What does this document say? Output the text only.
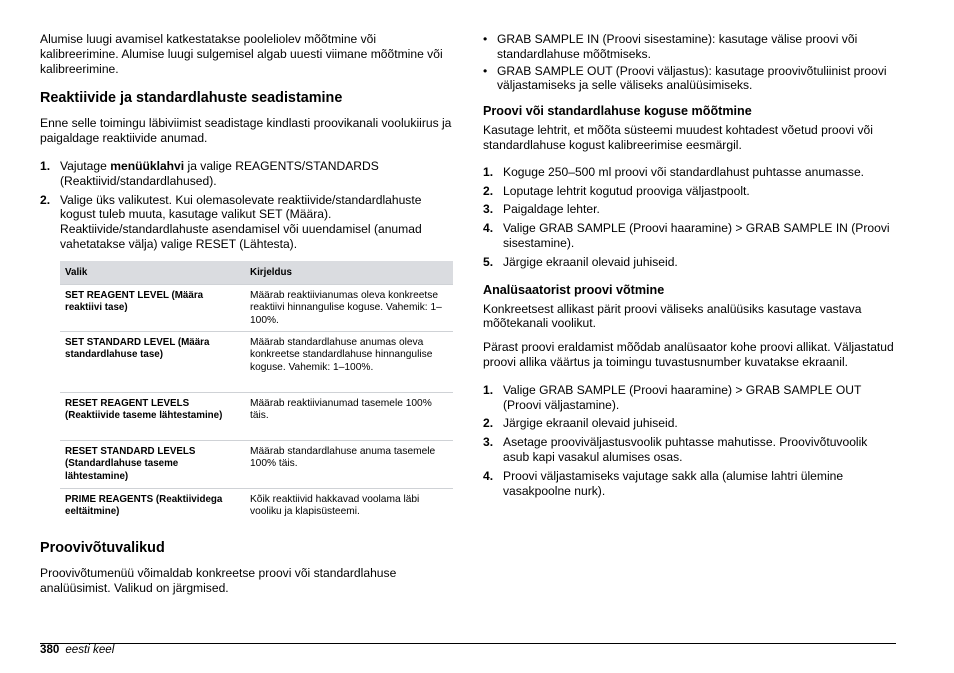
Alumise luugi avamisel katkestatakse pooleliolev mõõtmine või kalibreerimine. Alumise luugi sulgemisel algab uuesti viimane mõõtmine või kalibreerimine.

Reaktiivide ja standardlahuste seadistamine

Enne selle toimingu läbiviimist seadistage kindlasti proovikanali voolukiirus ja paigaldage reaktiivide anumad.

1. Vajutage menüüklahvi ja valige REAGENTS/STANDARDS (Reaktiivid/standardlahused).
2. Valige üks valikutest. Kui olemasolevate reaktiivide/standardlahuste kogust tuleb muuta, kasutage valikut SET (Määra). Reaktiivide/standardlahuste asendamisel või uuendamisel (anumad vahetatakse välja) valige RESET (Lähtesta).
Valik	Kirjeldus
SET REAGENT LEVEL (Määra reaktiivi tase)	Määrab reaktiivianumas oleva konkreetse reaktiivi hinnangulise koguse. Vahemik: 1–100%.
SET STANDARD LEVEL (Määra standardlahuse tase)	Määrab standardlahuse anumas oleva konkreetse standardlahuse hinnangulise koguse. Vahemik: 1–100%.
RESET REAGENT LEVELS (Reaktiivide taseme lähtestamine)	Määrab reaktiivianumad tasemele 100% täis.
RESET STANDARD LEVELS (Standardlahuse taseme lähtestamine)	Määrab standardlahuse anuma tasemele 100% täis.
PRIME REAGENTS (Reaktiividega eeltäitmine)	Kõik reaktiivid hakkavad voolama läbi vooliku ja klapisüsteemi.
Proovivõtuvalikud

Proovivõtumenüü võimaldab konkreetse proovi või standardlahuse analüüsimist. Valikud on järgmised.

• GRAB SAMPLE IN (Proovi sisestamine): kasutage välise proovi või standardlahuse mõõtmiseks.
• GRAB SAMPLE OUT (Proovi väljastus): kasutage proovivõtuliinist proovi väljastamiseks ja selle väliseks analüüsimiseks.
Proovi või standardlahuse koguse mõõtmine

Kasutage lehtrit, et mõõta süsteemi muudest kohtadest võetud proovi või standardlahuse kogust kalibreerimise eesmärgil.

1. Koguge 250–500 ml proovi või standardlahust puhtasse anumasse.
2. Loputage lehtrit kogutud prooviga väljastpoolt.
3. Paigaldage lehter.
4. Valige GRAB SAMPLE (Proovi haaramine) > GRAB SAMPLE IN (Proovi sisestamine).
5. Järgige ekraanil olevaid juhiseid.
Analüsaatorist proovi võtmine

Konkreetsest allikast pärit proovi väliseks analüüsiks kasutage vastava mõõtekanali voolikut.

Pärast proovi eraldamist mõõdab analüsaator kohe proovi allikat. Väljastatud proovi allika väärtus ja toimingu tuvastusnumber kuvatakse ekraanil.

1. Valige GRAB SAMPLE (Proovi haaramine) > GRAB SAMPLE OUT (Proovi väljastamine).
2. Järgige ekraanil olevaid juhiseid.
3. Asetage proovivälјastusvoolik puhtasse mahutisse. Proovivõtuvoolik asub kapi vasakul alumises osas.
4. Proovi väljastamiseks vajutage sakk alla (alumise lahtri ülemine vasakpoolne nurk).
380 eesti keel
